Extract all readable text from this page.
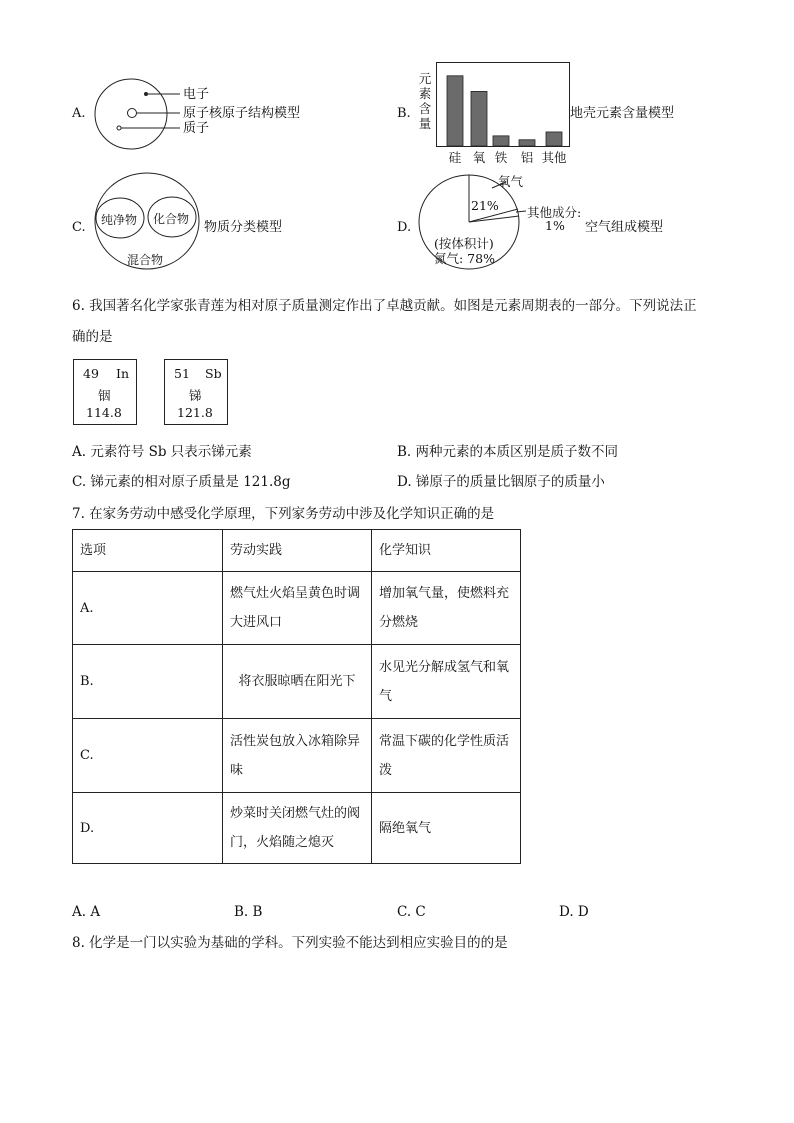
A.
电子
原子核 原子结构模型
质子
B.
元
素
含
量
硅 氧 铁 铝 其他
地壳元素含量模型
C. 纯净物 化合物
混合物
物质分类模型	D.
氧气
21% 其他成分:
1%
(按体积计)
氮气: 78%
空气组成模型
6. 我国著名化学家张青莲为相对原子质量测定作出了卓越贡献。如图是元素周期表的一部分。下列说法正
确的是
49 In
铟
114.8
51 Sb
锑
121.8
A. 元素符号 Sb 只表示锑元素	B. 两种元素的本质区别是质子数不同
C. 锑元素的相对原子质量是 121.8g	D. 锑原子的质量比铟原子的质量小
7. 在家务劳动中感受化学原理，下列家务劳动中涉及化学知识正确的是
选项	劳动实践	化学知识
A.	燃气灶火焰呈黄色时调大进风口	增加氧气量，使燃料充分燃烧
B.	将衣服晾晒在阳光下	水见光分解成氢气和氧气
C.	活性炭包放入冰箱除异味	常温下碳的化学性质活泼
D.	炒菜时关闭燃气灶的阀门，火焰随之熄灭	隔绝氧气
A. A	B. B	C. C	D. D
8. 化学是一门以实验为基础的学科。下列实验不能达到相应实验目的的是
